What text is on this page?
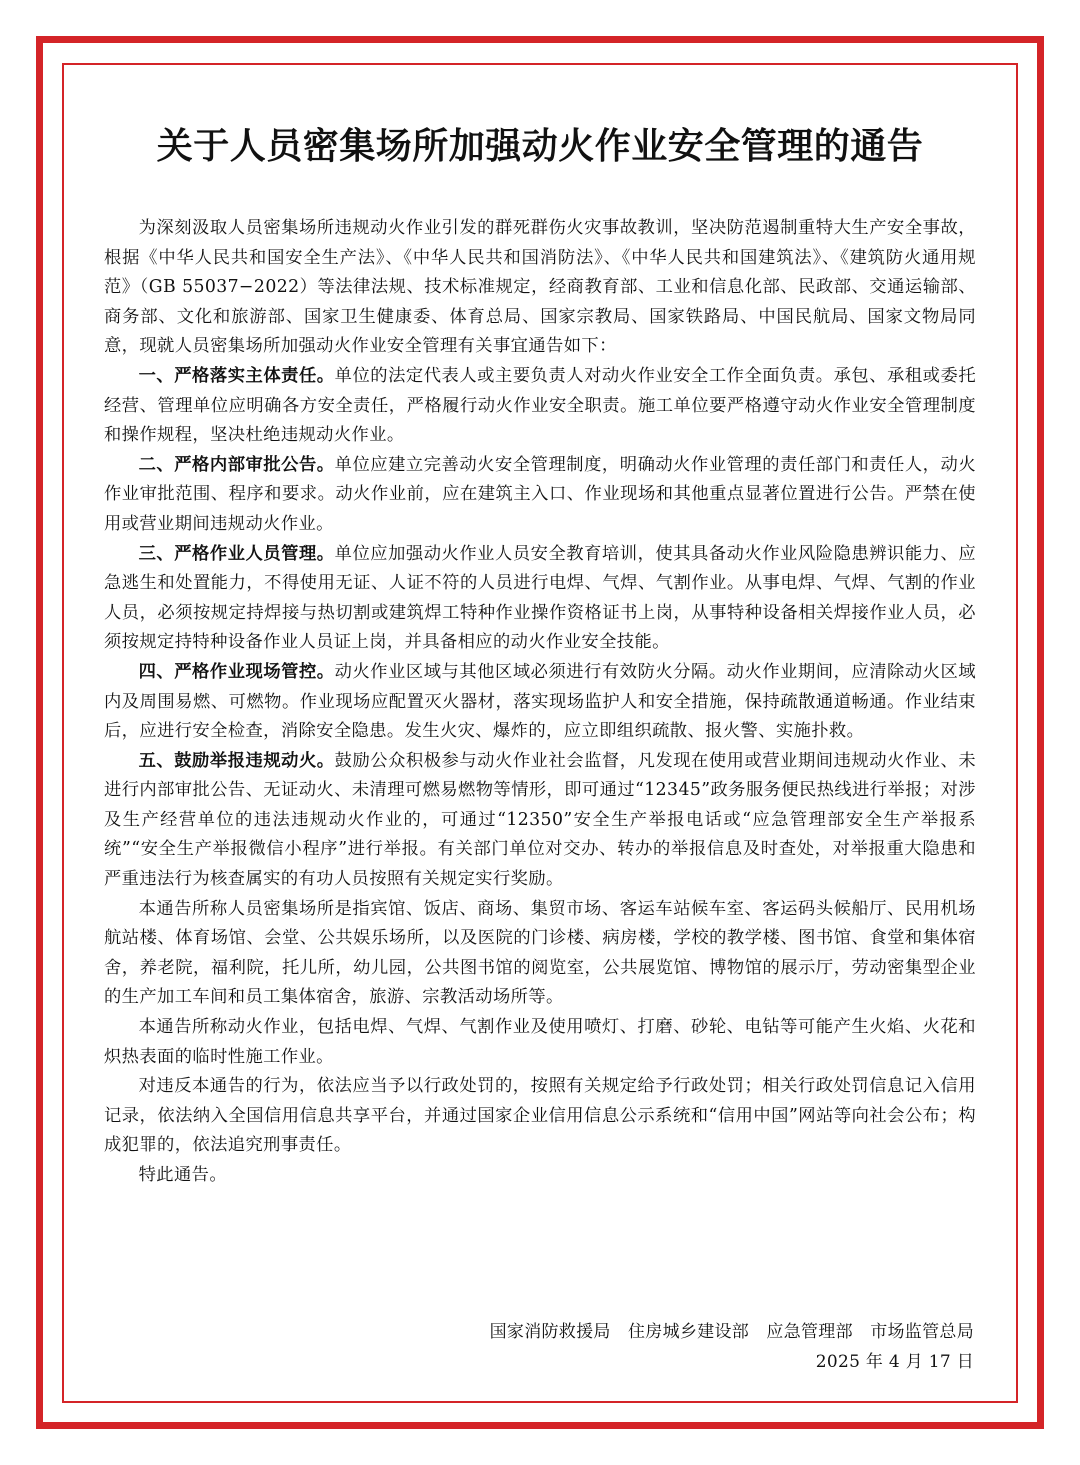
关于人员密集场所加强动火作业安全管理的通告

为深刻汲取人员密集场所违规动火作业引发的群死群伤火灾事故教训，坚决防范遏制重特大生产安全事故，根据《中华人民共和国安全生产法》、《中华人民共和国消防法》、《中华人民共和国建筑法》、《建筑防火通用规范》（GB 55037−2022）等法律法规、技术标准规定，经商教育部、工业和信息化部、民政部、交通运输部、商务部、文化和旅游部、国家卫生健康委、体育总局、国家宗教局、国家铁路局、中国民航局、国家文物局同意，现就人员密集场所加强动火作业安全管理有关事宜通告如下：

一、严格落实主体责任。单位的法定代表人或主要负责人对动火作业安全工作全面负责。承包、承租或委托经营、管理单位应明确各方安全责任，严格履行动火作业安全职责。施工单位要严格遵守动火作业安全管理制度和操作规程，坚决杜绝违规动火作业。

二、严格内部审批公告。单位应建立完善动火安全管理制度，明确动火作业管理的责任部门和责任人，动火作业审批范围、程序和要求。动火作业前，应在建筑主入口、作业现场和其他重点显著位置进行公告。严禁在使用或营业期间违规动火作业。

三、严格作业人员管理。单位应加强动火作业人员安全教育培训，使其具备动火作业风险隐患辨识能力、应急逃生和处置能力，不得使用无证、人证不符的人员进行电焊、气焊、气割作业。从事电焊、气焊、气割的作业人员，必须按规定持焊接与热切割或建筑焊工特种作业操作资格证书上岗，从事特种设备相关焊接作业人员，必须按规定持特种设备作业人员证上岗，并具备相应的动火作业安全技能。

四、严格作业现场管控。动火作业区域与其他区域必须进行有效防火分隔。动火作业期间，应清除动火区域内及周围易燃、可燃物。作业现场应配置灭火器材，落实现场监护人和安全措施，保持疏散通道畅通。作业结束后，应进行安全检查，消除安全隐患。发生火灾、爆炸的，应立即组织疏散、报火警、实施扑救。

五、鼓励举报违规动火。鼓励公众积极参与动火作业社会监督，凡发现在使用或营业期间违规动火作业、未进行内部审批公告、无证动火、未清理可燃易燃物等情形，即可通过“12345”政务服务便民热线进行举报；对涉及生产经营单位的违法违规动火作业的，可通过“12350”安全生产举报电话或“应急管理部安全生产举报系统”“安全生产举报微信小程序”进行举报。有关部门单位对交办、转办的举报信息及时查处，对举报重大隐患和严重违法行为核查属实的有功人员按照有关规定实行奖励。

本通告所称人员密集场所是指宾馆、饭店、商场、集贸市场、客运车站候车室、客运码头候船厅、民用机场航站楼、体育场馆、会堂、公共娱乐场所，以及医院的门诊楼、病房楼，学校的教学楼、图书馆、食堂和集体宿舍，养老院，福利院，托儿所，幼儿园，公共图书馆的阅览室，公共展览馆、博物馆的展示厅，劳动密集型企业的生产加工车间和员工集体宿舍，旅游、宗教活动场所等。

本通告所称动火作业，包括电焊、气焊、气割作业及使用喷灯、打磨、砂轮、电钻等可能产生火焰、火花和炽热表面的临时性施工作业。

对违反本通告的行为，依法应当予以行政处罚的，按照有关规定给予行政处罚；相关行政处罚信息记入信用记录，依法纳入全国信用信息共享平台，并通过国家企业信用信息公示系统和“信用中国”网站等向社会公布；构成犯罪的，依法追究刑事责任。

特此通告。

国家消防救援局　住房城乡建设部　应急管理部　市场监管总局

2025 年 4 月 17 日
